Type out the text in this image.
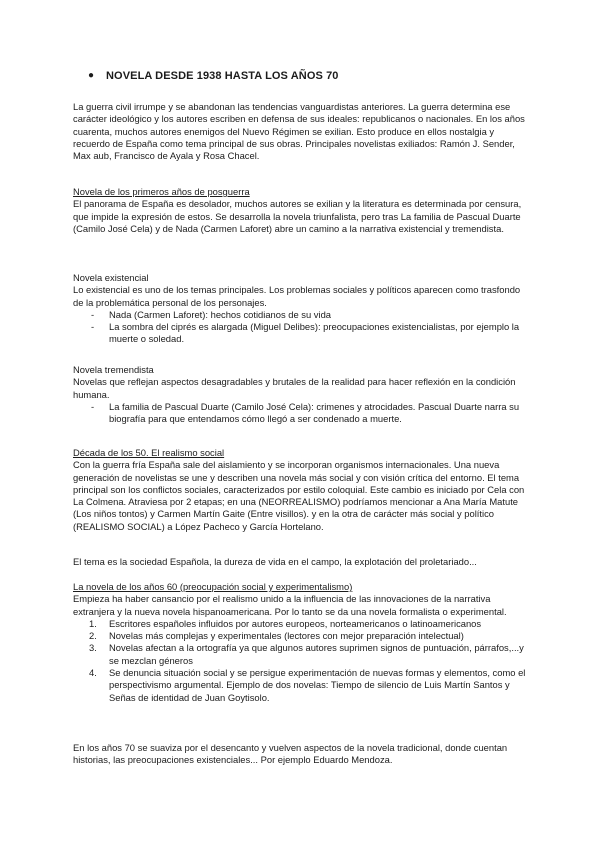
● NOVELA DESDE 1938 HASTA LOS AÑOS 70

La guerra civil irrumpe y se abandonan las tendencias vanguardistas anteriores. La guerra determina ese carácter ideológico y los autores escriben en defensa de sus ideales: republicanos o nacionales. En los años cuarenta, muchos autores enemigos del Nuevo Régimen se exilian. Esto produce en ellos nostalgia y recuerdo de España como tema principal de sus obras. Principales novelistas exiliados: Ramón J. Sender, Max aub, Francisco de Ayala y Rosa Chacel.

Novela de los primeros años de posguerra

El panorama de España es desolador, muchos autores se exilian y la literatura es determinada por censura, que impide la expresión de estos. Se desarrolla la novela triunfalista, pero tras La familia de Pascual Duarte (Camilo José Cela) y de Nada (Carmen Laforet) abre un camino a la narrativa existencial y tremendista.

Novela existencial

Lo existencial es uno de los temas principales. Los problemas sociales y políticos aparecen como trasfondo de la problemática personal de los personajes.

- Nada (Carmen Laforet): hechos cotidianos de su vida
- La sombra del ciprés es alargada (Miguel Delibes): preocupaciones existencialistas, por ejemplo la muerte o soledad.
Novela tremendista

Novelas que reflejan aspectos desagradables y brutales de la realidad para hacer reflexión en la condición humana.

- La familia de Pascual Duarte (Camilo José Cela): crimenes y atrocidades. Pascual Duarte narra su biografía para que entendamos cómo llegó a ser condenado a muerte.
Década de los 50. El realismo social

Con la guerra fría España sale del aislamiento y se incorporan organismos internacionales. Una nueva generación de novelistas se une y describen una novela más social y con visión crítica del entorno. El tema principal son los conflictos sociales, caracterizados por estilo coloquial. Este cambio es iniciado por Cela con La Colmena. Atraviesa por 2 etapas; en una (NEORREALISMO) podríamos mencionar a Ana María Matute (Los niños tontos) y Carmen Martín Gaite (Entre visillos). y en la otra de carácter más social y político (REALISMO SOCIAL) a López Pacheco y García Hortelano.

El tema es la sociedad Española, la dureza de vida en el campo, la explotación del proletariado...

La novela de los años 60 (preocupación social y experimentalismo)

Empieza ha haber cansancio por el realismo unido a la influencia de las innovaciones de la narrativa extranjera y la nueva novela hispanoamericana. Por lo tanto se da una novela formalista o experimental.

1. Escritores españoles influidos por autores europeos, norteamericanos o latinoamericanos
2. Novelas más complejas y experimentales (lectores con mejor preparación intelectual)
3. Novelas afectan a la ortografía ya que algunos autores suprimen signos de puntuación, párrafos,...y se mezclan géneros
4. Se denuncia situación social y se persigue experimentación de nuevas formas y elementos, como el perspectivismo argumental. Ejemplo de dos novelas: Tiempo de silencio de Luis Martín Santos y Señas de identidad de Juan Goytisolo.

En los años 70 se suaviza por el desencanto y vuelven aspectos de la novela tradicional, donde cuentan historias, las preocupaciones existenciales... Por ejemplo Eduardo Mendoza.
